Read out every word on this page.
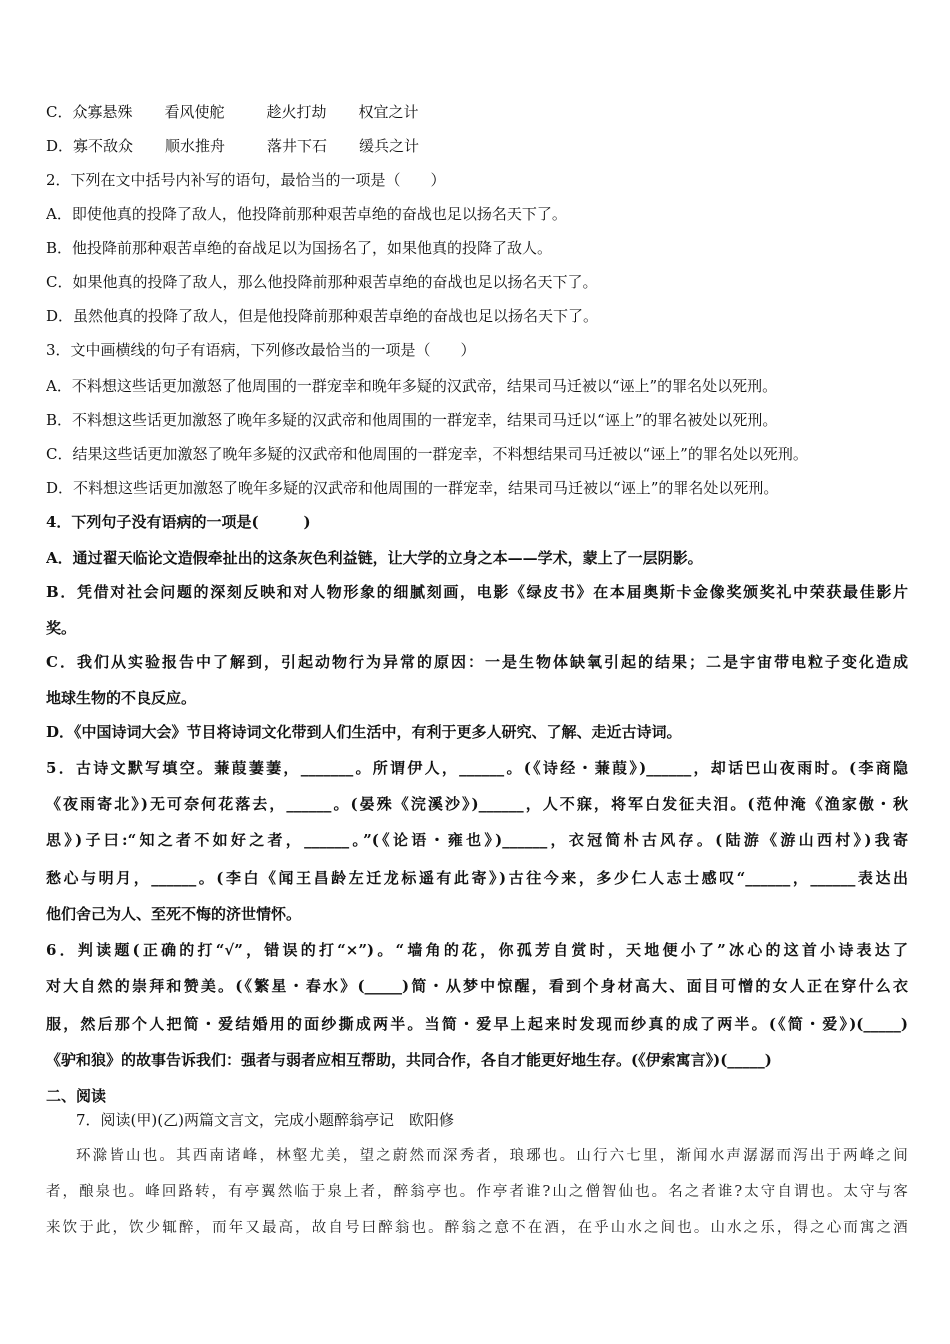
C． 众寡悬殊	看风使舵	趁火打劫	权宜之计
D． 寡不敌众	顺水推舟	落井下石	缓兵之计
2．下列在文中括号内补写的语句，最恰当的一项是（　　）
A．即使他真的投降了敌人，他投降前那种艰苦卓绝的奋战也足以扬名天下了。
B．他投降前那种艰苦卓绝的奋战足以为国扬名了，如果他真的投降了敌人。
C．如果他真的投降了敌人，那么他投降前那种艰苦卓绝的奋战也足以扬名天下了。
D．虽然他真的投降了敌人，但是他投降前那种艰苦卓绝的奋战也足以扬名天下了。
3．文中画横线的句子有语病，下列修改最恰当的一项是（　　）
A．不料想这些话更加激怒了他周围的一群宠幸和晚年多疑的汉武帝，结果司马迁被以“诬上”的罪名处以死刑。
B．不料想这些话更加激怒了晚年多疑的汉武帝和他周围的一群宠幸，结果司马迁以“诬上”的罪名被处以死刑。
C．结果这些话更加激怒了晚年多疑的汉武帝和他周围的一群宠幸，不料想结果司马迁被以“诬上”的罪名处以死刑。
D．不料想这些话更加激怒了晚年多疑的汉武帝和他周围的一群宠幸，结果司马迁被以“诬上”的罪名处以死刑。
4．下列句子没有语病的一项是(　　　)
A．通过翟天临论文造假牵扯出的这条灰色利益链，让大学的立身之本——学术，蒙上了一层阴影。
B．凭借对社会问题的深刻反映和对人物形象的细腻刻画，电影《绿皮书》在本届奥斯卡金像奖颁奖礼中荣获最佳影片
奖。
C．我们从实验报告中了解到，引起动物行为异常的原因：一是生物体缺氧引起的结果；二是宇宙带电粒子变化造成
地球生物的不良反应。
D．《中国诗词大会》节目将诗词文化带到人们生活中，有利于更多人研究、了解、走近古诗词。
5．古诗文默写填空。蒹葭萋萋，_______。所谓伊人，______。(《诗经・蒹葭》)______，却话巴山夜雨时。(李商隐
《夜雨寄北》)无可奈何花落去，______。(晏殊《浣溪沙》)______，人不寐，将军白发征夫泪。(范仲淹《渔家傲・秋
思》)子曰:“知之者不如好之者，______。”(《论语・雍也》)______，衣冠简朴古风存。(陆游《游山西村》)我寄
愁心与明月，______。(李白《闻王昌龄左迁龙标遥有此寄》)古往今来，多少仁人志士感叹“______，______表达出
他们舍己为人、至死不悔的济世情怀。
6．判读题(正确的打“√”，错误的打“×”)。“墙角的花，你孤芳自赏时，天地便小了”冰心的这首小诗表达了
对大自然的崇拜和赞美。(《繁星・春水》(_____)简・从梦中惊醒，看到个身材高大、面目可憎的女人正在穿什么衣
服，然后那个人把简・爱结婚用的面纱撕成两半。当简・爱早上起来时发现而纱真的成了两半。(《简・爱》)(_____)
《驴和狼》的故事告诉我们：强者与弱者应相互帮助，共同合作，各自才能更好地生存。(《伊索寓言》)(_____)
二、阅读
7．阅读(甲)(乙)两篇文言文，完成小题醉翁亭记　欧阳修
环滁皆山也。其西南诸峰，林壑尤美，望之蔚然而深秀者，琅琊也。山行六七里，渐闻水声潺潺而泻出于两峰之间
者，酿泉也。峰回路转，有亭翼然临于泉上者，醉翁亭也。作亭者谁?山之僧智仙也。名之者谁?太守自谓也。太守与客
来饮于此，饮少辄醉，而年又最高，故自号曰醉翁也。醉翁之意不在酒，在乎山水之间也。山水之乐，得之心而寓之酒
